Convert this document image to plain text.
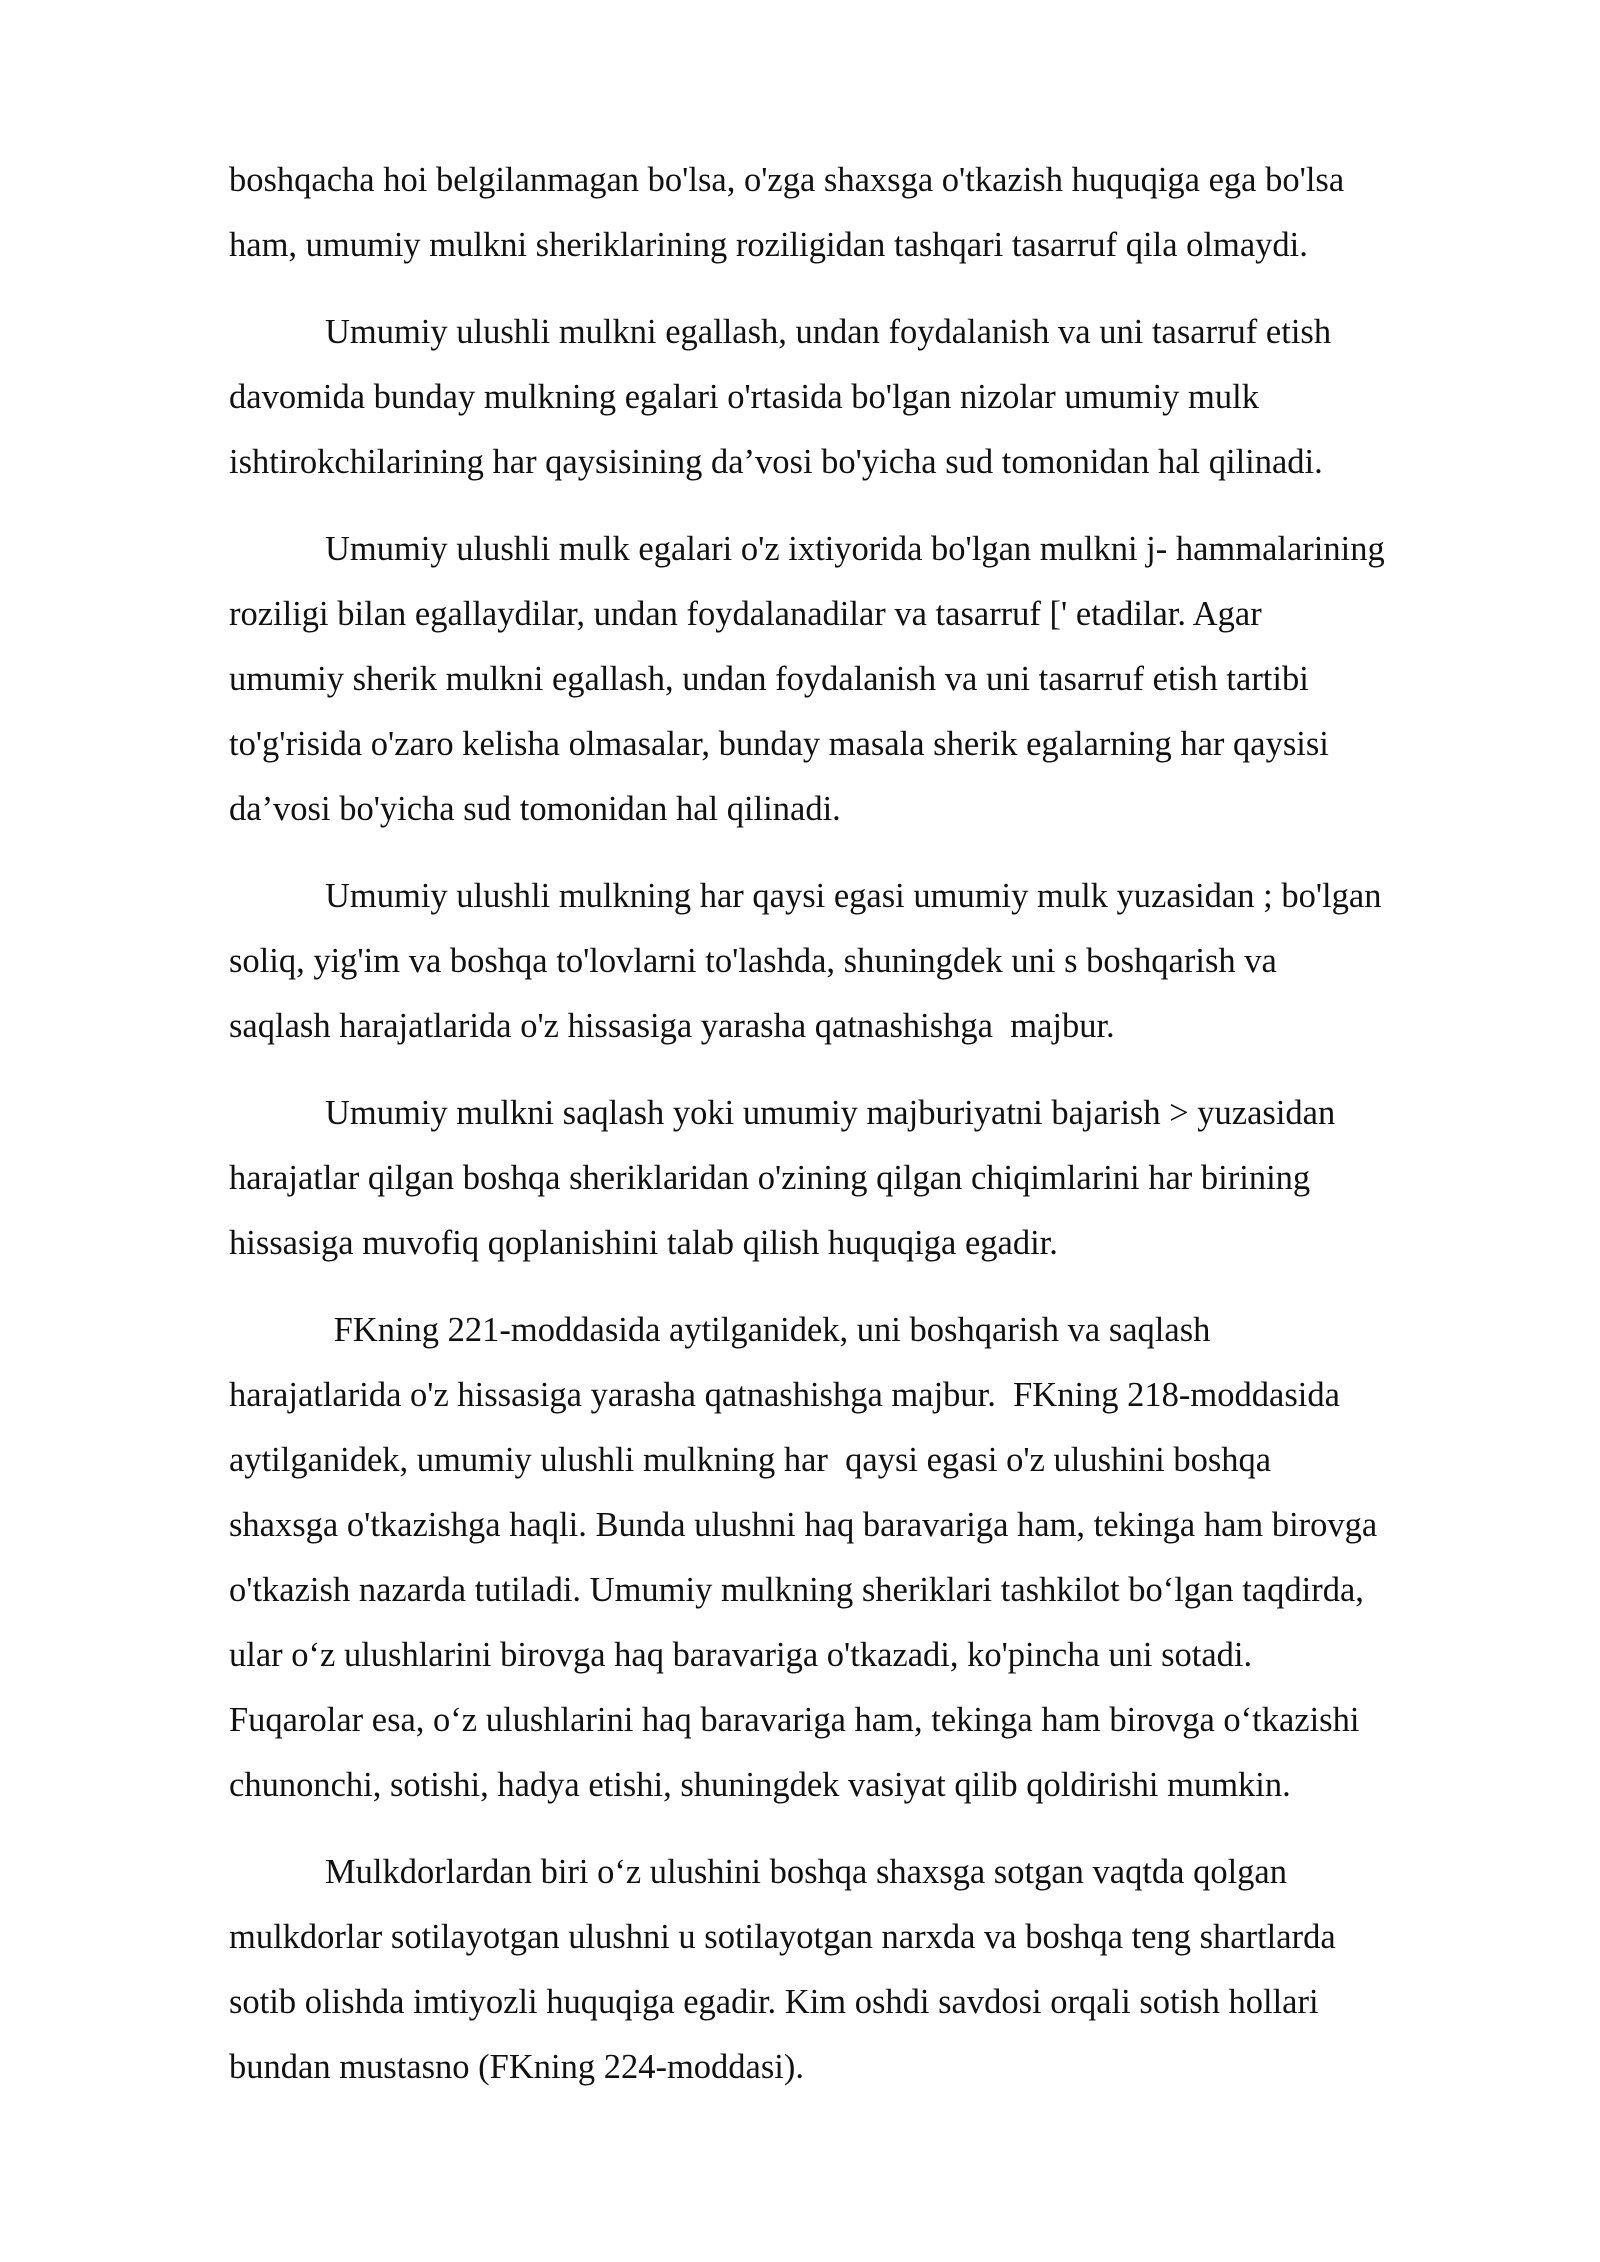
boshqacha hoi belgilanmagan bo'lsa, o'zga shaxsga o'tkazish huquqiga ega bo'lsa
ham, umumiy mulkni sheriklarining roziligidan tashqari tasarruf qila olmaydi.
Umumiy ulushli mulkni egallash, undan foydalanish va uni tasarruf etish
davomida bunday mulkning egalari o'rtasida bo'lgan nizolar umumiy mulk
ishtirokchilarining har qaysisining da’vosi bo'yicha sud tomonidan hal qilinadi.
Umumiy ulushli mulk egalari o'z ixtiyorida bo'lgan mulkni j- hammalarining
roziligi bilan egallaydilar, undan foydalanadilar va tasarruf [' etadilar. Agar
umumiy sherik mulkni egallash, undan foydalanish va uni tasarruf etish tartibi
to'g'risida o'zaro kelisha olmasalar, bunday masala sherik egalarning har qaysisi
da’vosi bo'yicha sud tomonidan hal qilinadi.
Umumiy ulushli mulkning har qaysi egasi umumiy mulk yuzasidan ; bo'lgan
soliq, yig'im va boshqa to'lovlarni to'lashda, shuningdek uni s boshqarish va
saqlash harajatlarida o'z hissasiga yarasha qatnashishga  majbur.
Umumiy mulkni saqlash yoki umumiy majburiyatni bajarish > yuzasidan
harajatlar qilgan boshqa sheriklaridan o'zining qilgan chiqimlarini har birining
hissasiga muvofiq qoplanishini talab qilish huquqiga egadir.
FKning 221-moddasida aytilganidek, uni boshqarish va saqlash
harajatlarida o'z hissasiga yarasha qatnashishga majbur.  FKning 218-moddasida
aytilganidek, umumiy ulushli mulkning har  qaysi egasi o'z ulushini boshqa
shaxsga o'tkazishga haqli. Bunda ulushni haq baravariga ham, tekinga ham birovga
o'tkazish nazarda tutiladi. Umumiy mulkning sheriklari tashkilot bo‘lgan taqdirda,
ular o‘z ulushlarini birovga haq baravariga o'tkazadi, ko'pincha uni sotadi.
Fuqarolar esa, o‘z ulushlarini haq baravariga ham, tekinga ham birovga o‘tkazishi
chunonchi, sotishi, hadya etishi, shuningdek vasiyat qilib qoldirishi mumkin.
Mulkdorlardan biri o‘z ulushini boshqa shaxsga sotgan vaqtda qolgan
mulkdorlar sotilayotgan ulushni u sotilayotgan narxda va boshqa teng shartlarda
sotib olishda imtiyozli huquqiga egadir. Kim oshdi savdosi orqali sotish hollari
bundan mustasno (FKning 224-moddasi).
